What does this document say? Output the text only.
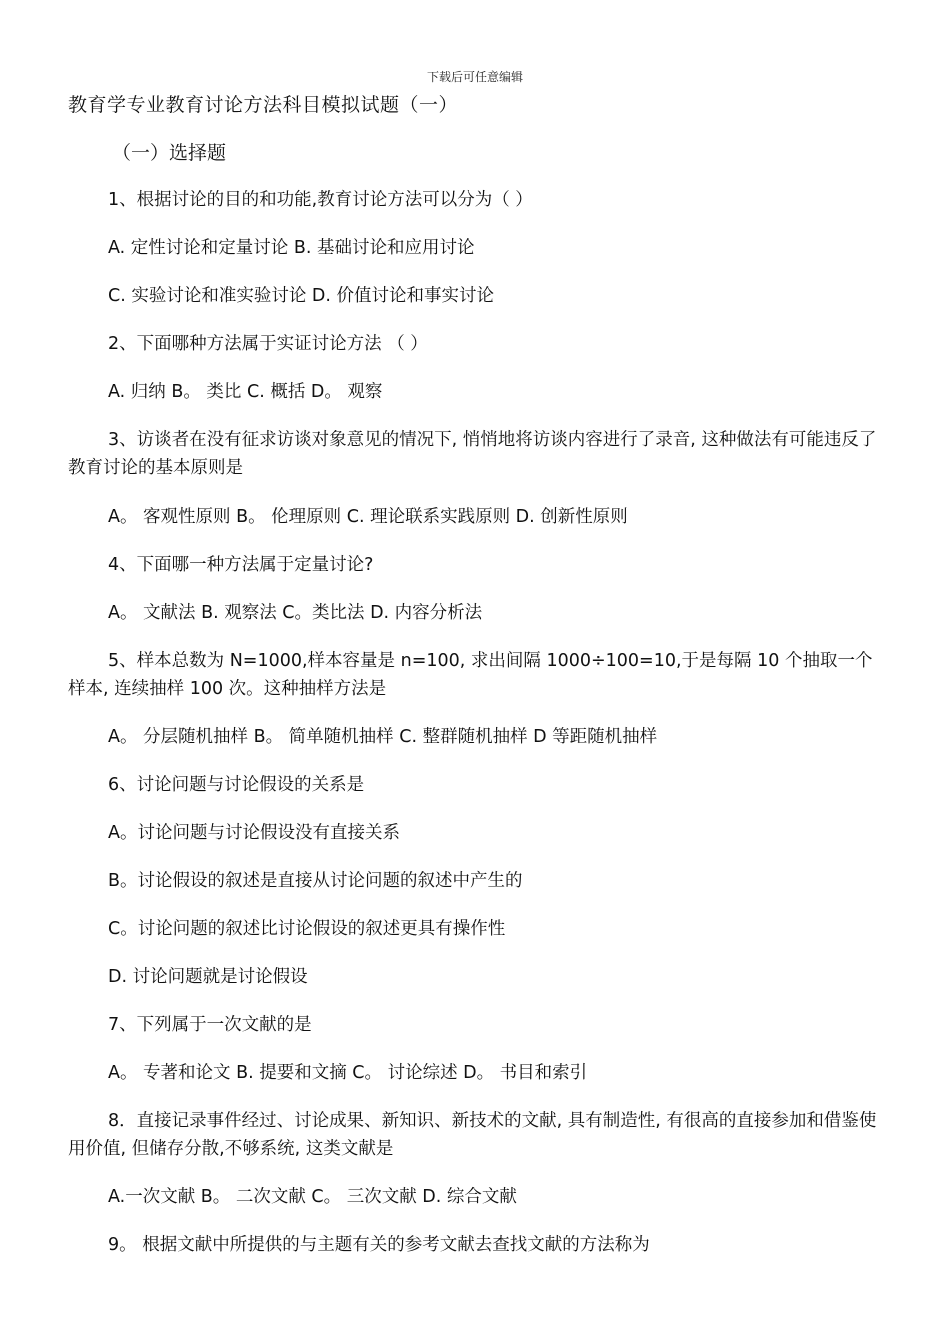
下载后可任意编辑
教育学专业教育讨论方法科目模拟试题（一）
（一）选择题
1、根据讨论的目的和功能,教育讨论方法可以分为（ ）
A. 定性讨论和定量讨论 B. 基础讨论和应用讨论
C. 实验讨论和准实验讨论 D. 价值讨论和事实讨论
2、下面哪种方法属于实证讨论方法 （ ）
A. 归纳 B。 类比 C. 概括 D。 观察
3、访谈者在没有征求访谈对象意见的情况下, 悄悄地将访谈内容进行了录音, 这种做法有可能违反了教育讨论的基本原则是
A。 客观性原则 B。 伦理原则 C. 理论联系实践原则 D. 创新性原则
4、下面哪一种方法属于定量讨论?
A。 文献法 B. 观察法 C。类比法 D. 内容分析法
5、样本总数为 N=1000,样本容量是 n=100, 求出间隔 1000÷100=10,于是每隔 10 个抽取一个样本, 连续抽样 100 次。这种抽样方法是
A。 分层随机抽样 B。 简单随机抽样 C. 整群随机抽样 D 等距随机抽样
6、讨论问题与讨论假设的关系是
A。讨论问题与讨论假设没有直接关系
B。讨论假设的叙述是直接从讨论问题的叙述中产生的
C。讨论问题的叙述比讨论假设的叙述更具有操作性
D. 讨论问题就是讨论假设
7、下列属于一次文献的是
A。 专著和论文 B. 提要和文摘 C。 讨论综述 D。 书目和索引
8．直接记录事件经过、讨论成果、新知识、新技术的文献, 具有制造性, 有很高的直接参加和借鉴使用价值, 但储存分散,不够系统, 这类文献是
A.一次文献 B。 二次文献 C。 三次文献 D. 综合文献
9。 根据文献中所提供的与主题有关的参考文献去查找文献的方法称为
